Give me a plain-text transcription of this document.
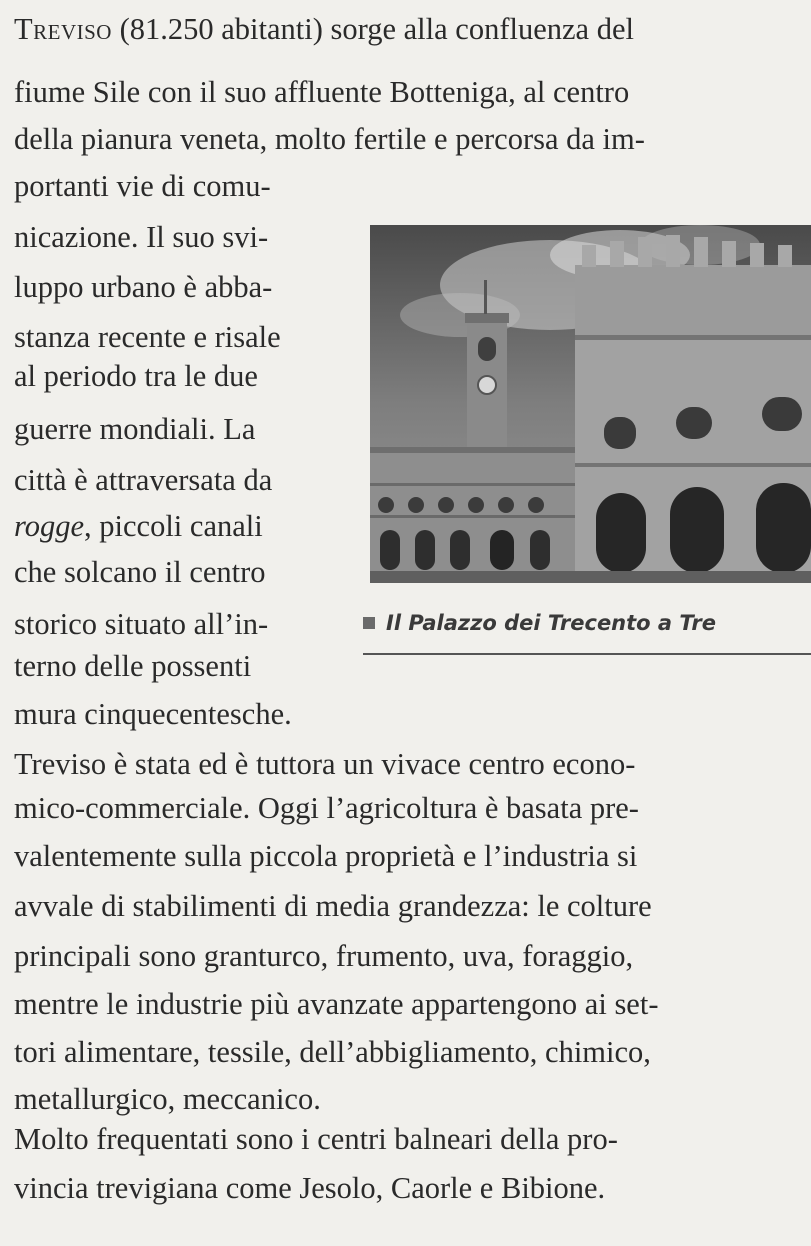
Treviso (81.250 abitanti) sorge alla confluenza del

fiume Sile con il suo affluente Botteniga, al centro

della pianura veneta, molto fertile e percorsa da im-

portanti vie di comu-

nicazione. Il suo svi-

luppo urbano è abba-

stanza recente e risale

al periodo tra le due

guerre mondiali. La

città è attraversata da

rogge, piccoli canali

che solcano il centro

storico situato all’in-

terno delle possenti

mura cinquecentesche.

Treviso è stata ed è tuttora un vivace centro econo-

mico-commerciale. Oggi l’agricoltura è basata pre-

valentemente sulla piccola proprietà e l’industria si

avvale di stabilimenti di media grandezza: le colture

principali sono granturco, frumento, uva, foraggio,

mentre le industrie più avanzate appartengono ai set-

tori alimentare, tessile, dell’abbigliamento, chimico,

metallurgico, meccanico.

Molto frequentati sono i centri balneari della pro-

vincia trevigiana come Jesolo, Caorle e Bibione.

Il Palazzo dei Trecento a Tre
